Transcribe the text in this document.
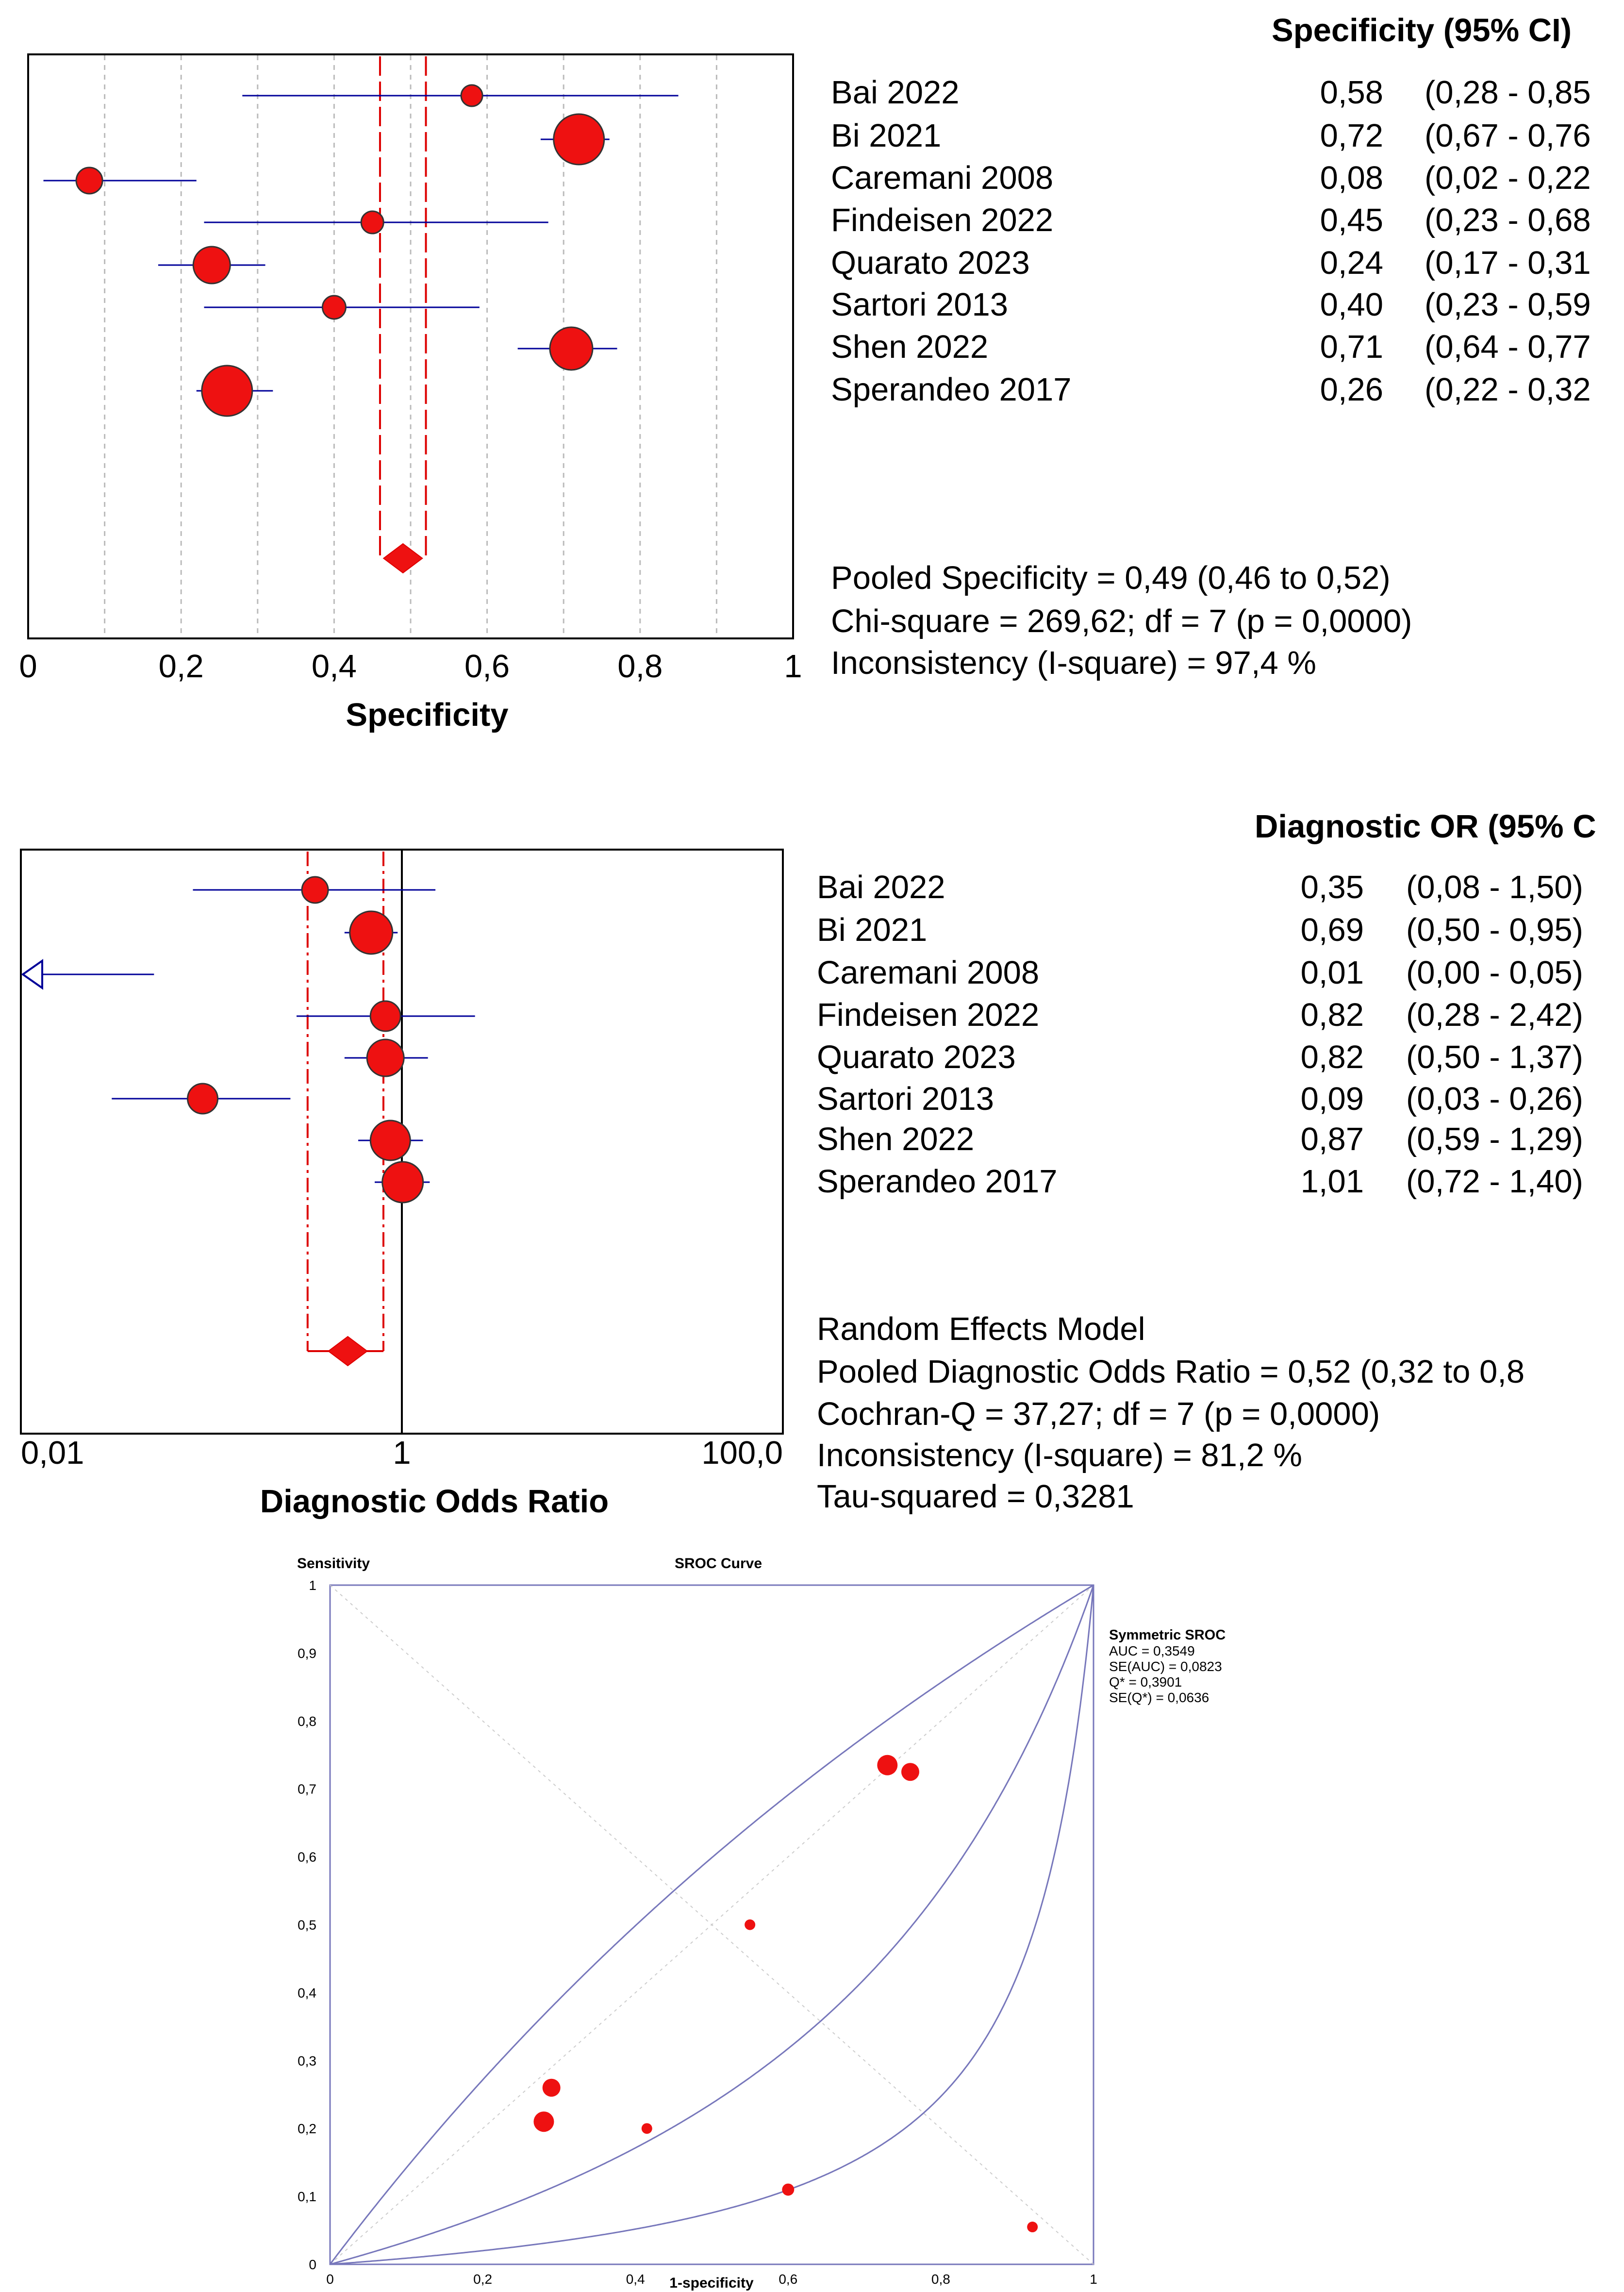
Specificity (95% CI)
0	0,2	0,4	0,6	0,8	1
Specificity
Bai 2022	0,58 (0,28 - 0,85
Bi 2021	0,72 (0,67 - 0,76
Caremani 2008	0,08 (0,02 - 0,22
Findeisen 2022	0,45 (0,23 - 0,68
Quarato 2023	0,24 (0,17 - 0,31
Sartori 2013	0,40 (0,23 - 0,59
Shen 2022	0,71 (0,64 - 0,77
Sperandeo 2017	0,26 (0,22 - 0,32
Pooled Specificity = 0,49 (0,46 to 0,52)
Chi-square = 269,62; df = 7 (p = 0,0000)
Inconsistency (I-square) = 97,4 %
Diagnostic OR (95% C
0,01	1	100,0
Diagnostic Odds Ratio
Bai 2022	0,35 (0,08 - 1,50)
Bi 2021	0,69 (0,50 - 0,95)
Caremani 2008	0,01 (0,00 - 0,05)
Findeisen 2022	0,82 (0,28 - 2,42)
Quarato 2023	0,82 (0,50 - 1,37)
Sartori 2013	0,09 (0,03 - 0,26)
Shen 2022	0,87 (0,59 - 1,29)
Sperandeo 2017	1,01 (0,72 - 1,40)
Random Effects Model
Pooled Diagnostic Odds Ratio = 0,52 (0,32 to 0,8
Cochran-Q = 37,27; df = 7 (p = 0,0000)
Inconsistency (I-square) = 81,2 %
Tau-squared = 0,3281
Sensitivity	SROC Curve
0	0,2	0,4	0,6	0,8	1
0
0,1
0,2
0,3
0,4
0,5
0,6
0,7
0,8
0,9
1
1-specificity
Symmetric SROC
AUC = 0,3549
SE(AUC) = 0,0823
Q* = 0,3901
SE(Q*) = 0,0636
